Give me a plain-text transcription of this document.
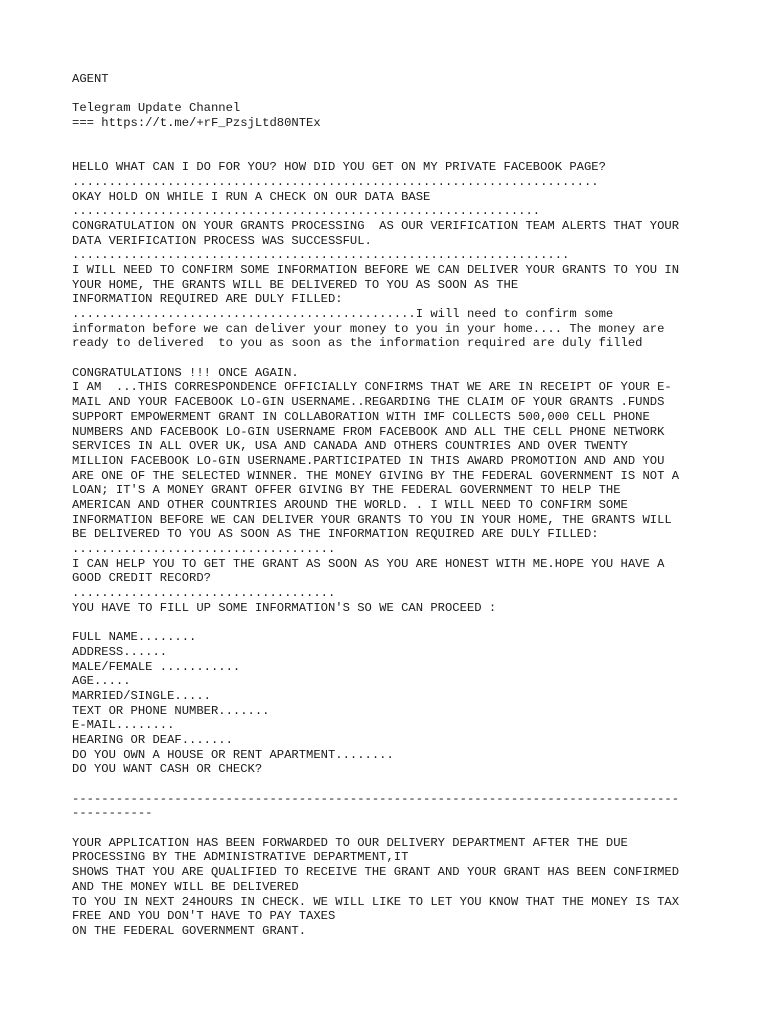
AGENT
Telegram Update Channel
=== https://t.me/+rF_PzsjLtd80NTEx
HELLO WHAT CAN I DO FOR YOU? HOW DID YOU GET ON MY PRIVATE FACEBOOK PAGE?
........................................................................
OKAY HOLD ON WHILE I RUN A CHECK ON OUR DATA BASE
................................................................
CONGRATULATION ON YOUR GRANTS PROCESSING  AS OUR VERIFICATION TEAM ALERTS THAT YOUR
DATA VERIFICATION PROCESS WAS SUCCESSFUL.
....................................................................
I WILL NEED TO CONFIRM SOME INFORMATION BEFORE WE CAN DELIVER YOUR GRANTS TO YOU IN
YOUR HOME, THE GRANTS WILL BE DELIVERED TO YOU AS SOON AS THE
INFORMATION REQUIRED ARE DULY FILLED:
...............................................I will need to confirm some
informaton before we can deliver your money to you in your home.... The money are
ready to delivered  to you as soon as the information required are duly filled
CONGRATULATIONS !!! ONCE AGAIN.
I AM  ...THIS CORRESPONDENCE OFFICIALLY CONFIRMS THAT WE ARE IN RECEIPT OF YOUR E-
MAIL AND YOUR FACEBOOK LO-GIN USERNAME..REGARDING THE CLAIM OF YOUR GRANTS .FUNDS
SUPPORT EMPOWERMENT GRANT IN COLLABORATION WITH IMF COLLECTS 500,000 CELL PHONE
NUMBERS AND FACEBOOK LO-GIN USERNAME FROM FACEBOOK AND ALL THE CELL PHONE NETWORK
SERVICES IN ALL OVER UK, USA AND CANADA AND OTHERS COUNTRIES AND OVER TWENTY
MILLION FACEBOOK LO-GIN USERNAME.PARTICIPATED IN THIS AWARD PROMOTION AND AND YOU
ARE ONE OF THE SELECTED WINNER. THE MONEY GIVING BY THE FEDERAL GOVERNMENT IS NOT A
LOAN; IT'S A MONEY GRANT OFFER GIVING BY THE FEDERAL GOVERNMENT TO HELP THE
AMERICAN AND OTHER COUNTRIES AROUND THE WORLD. . I WILL NEED TO CONFIRM SOME
INFORMATION BEFORE WE CAN DELIVER YOUR GRANTS TO YOU IN YOUR HOME, THE GRANTS WILL
BE DELIVERED TO YOU AS SOON AS THE INFORMATION REQUIRED ARE DULY FILLED:
....................................
I CAN HELP YOU TO GET THE GRANT AS SOON AS YOU ARE HONEST WITH ME.HOPE YOU HAVE A
GOOD CREDIT RECORD?
....................................
YOU HAVE TO FILL UP SOME INFORMATION'S SO WE CAN PROCEED :
FULL NAME........
ADDRESS......
MALE/FEMALE ...........
AGE.....
MARRIED/SINGLE.....
TEXT OR PHONE NUMBER.......
E-MAIL........
HEARING OR DEAF.......
DO YOU OWN A HOUSE OR RENT APARTMENT........
DO YOU WANT CASH OR CHECK?
-----------------------------------------------------------------------------------
-----------
YOUR APPLICATION HAS BEEN FORWARDED TO OUR DELIVERY DEPARTMENT AFTER THE DUE
PROCESSING BY THE ADMINISTRATIVE DEPARTMENT,IT
SHOWS THAT YOU ARE QUALIFIED TO RECEIVE THE GRANT AND YOUR GRANT HAS BEEN CONFIRMED
AND THE MONEY WILL BE DELIVERED
TO YOU IN NEXT 24HOURS IN CHECK. WE WILL LIKE TO LET YOU KNOW THAT THE MONEY IS TAX
FREE AND YOU DON'T HAVE TO PAY TAXES
ON THE FEDERAL GOVERNMENT GRANT.
